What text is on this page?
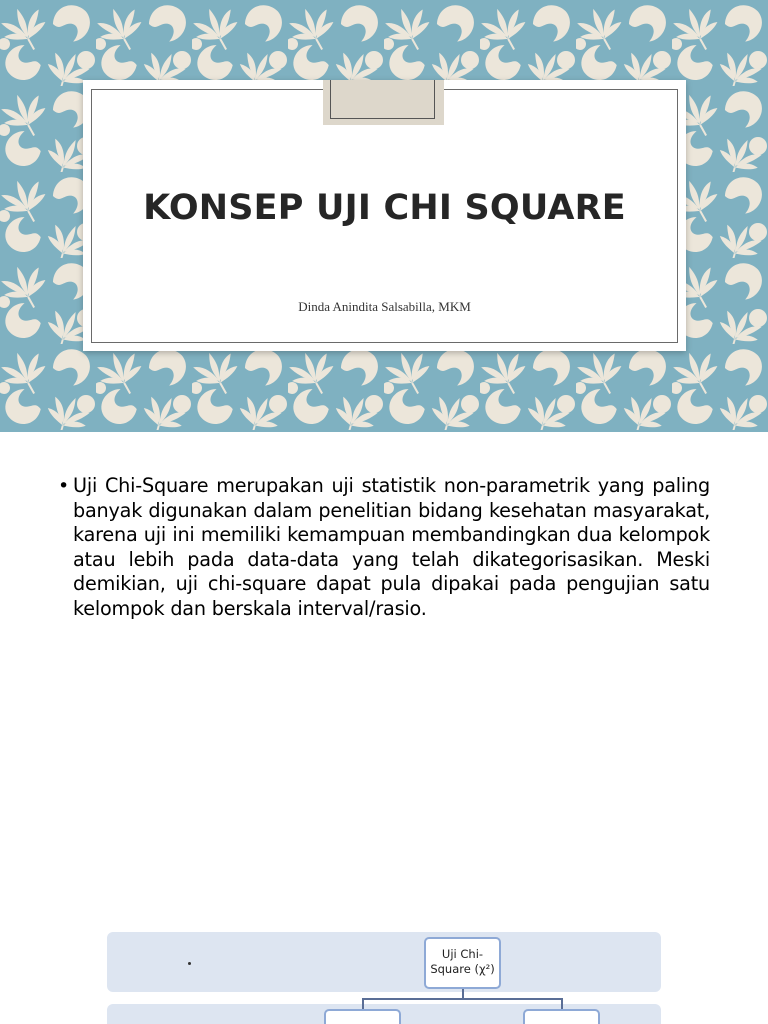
KONSEP UJI CHI SQUARE
Dinda Anindita Salsabilla, MKM
• Uji Chi-Square merupakan uji statistik non-parametrik yang paling banyak digunakan dalam penelitian bidang kesehatan masyarakat, karena uji ini memiliki kemampuan membandingkan dua kelompok atau lebih pada data-data yang telah dikategorisasikan. Meski demikian, uji chi-square dapat pula dipakai pada pengujian satu kelompok dan berskala interval/rasio.
Uji Chi-
Square (χ²)
